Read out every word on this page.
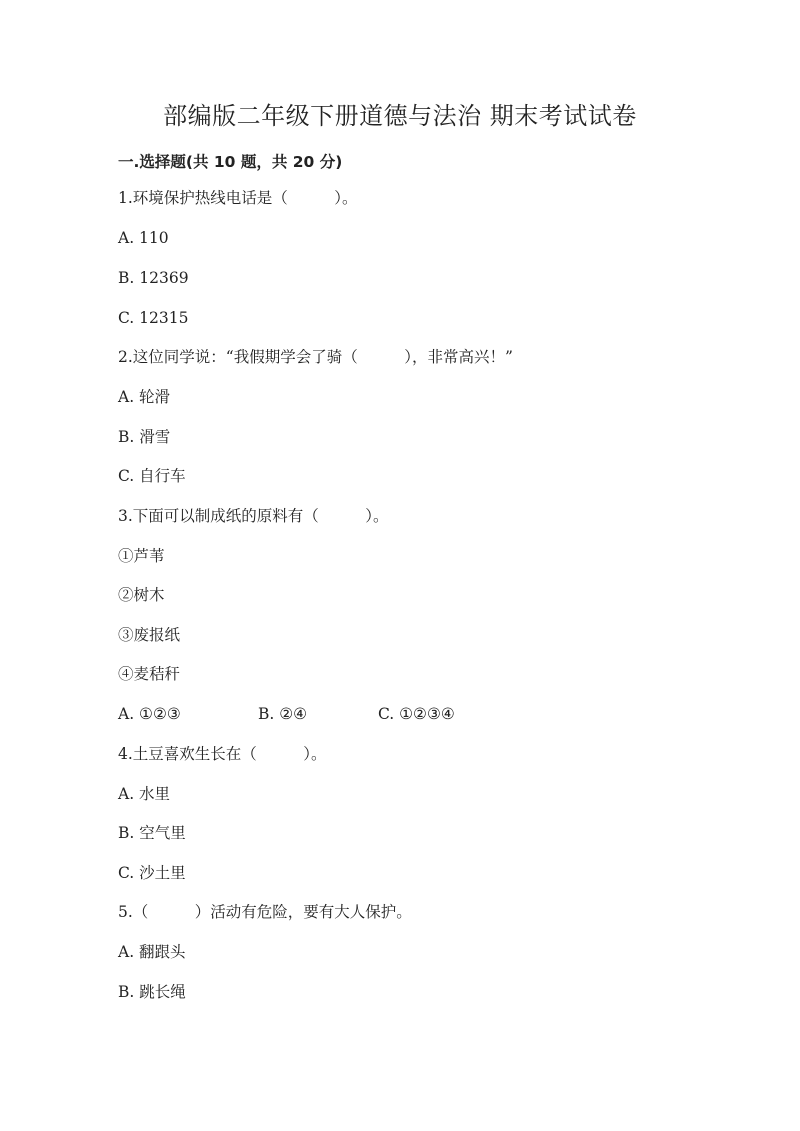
部编版二年级下册道德与法治 期末考试试卷
一.选择题(共 10 题，共 20 分)
1.环境保护热线电话是（　　　）。
A. 110
B. 12369
C. 12315
2.这位同学说：“我假期学会了骑（　　　），非常高兴！”
A. 轮滑
B. 滑雪
C. 自行车
3.下面可以制成纸的原料有（　　　）。
①芦苇
②树木
③废报纸
④麦秸秆
A. ①②③	B. ②④	C. ①②③④
4.土豆喜欢生长在（　　　）。
A. 水里
B. 空气里
C. 沙土里
5.（　　　）活动有危险，要有大人保护。
A. 翻跟头
B. 跳长绳
